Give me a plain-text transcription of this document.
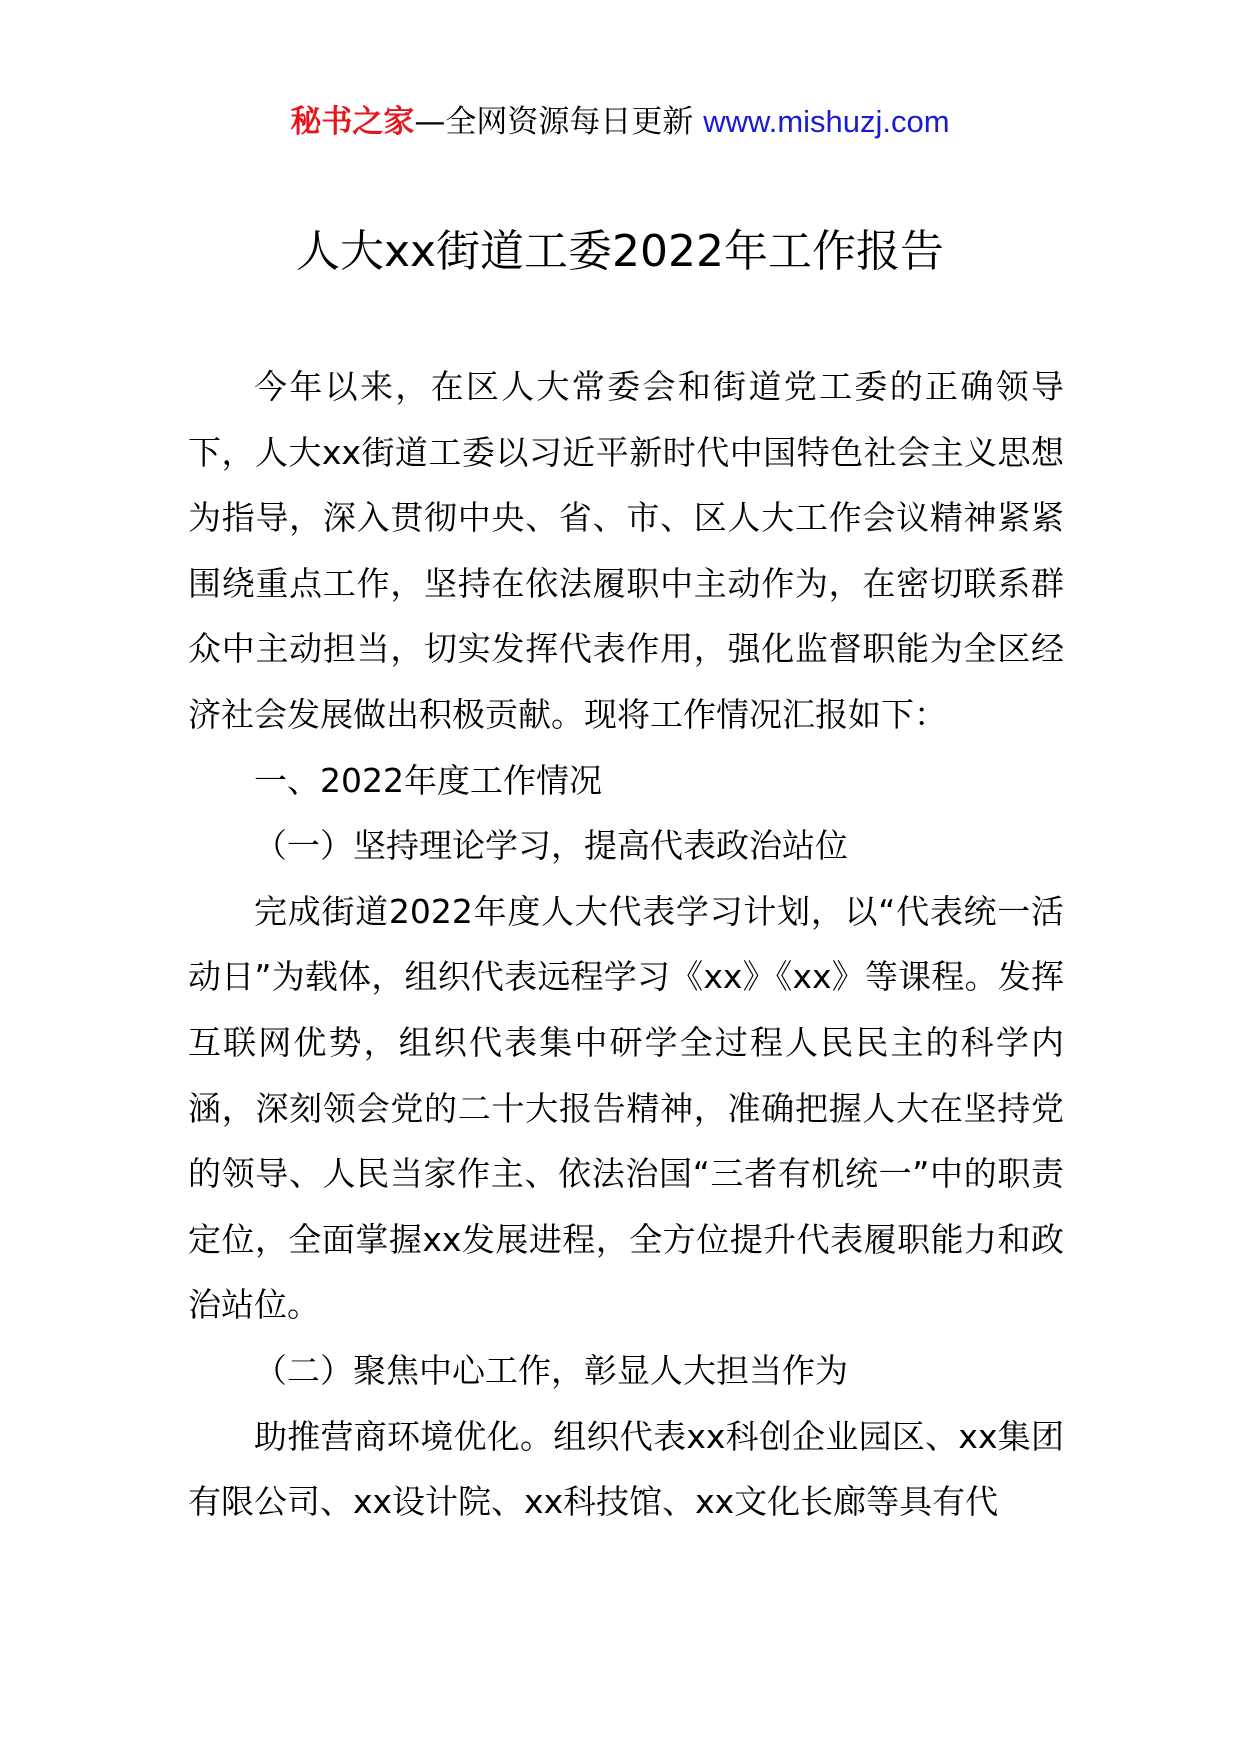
秘书之家—全网资源每日更新 www.mishuzj.com
人大xx街道工委2022年工作报告

今年以来，在区人大常委会和街道党工委的正确领导下，人大xx街道工委以习近平新时代中国特色社会主义思想为指导，深入贯彻中央、省、市、区人大工作会议精神紧紧围绕重点工作，坚持在依法履职中主动作为，在密切联系群众中主动担当，切实发挥代表作用，强化监督职能为全区经济社会发展做出积极贡献。现将工作情况汇报如下：

一、2022年度工作情况

（一）坚持理论学习，提高代表政治站位

完成街道2022年度人大代表学习计划，以“代表统一活动日”为载体，组织代表远程学习《xx》《xx》等课程。发挥互联网优势，组织代表集中研学全过程人民民主的科学内涵，深刻领会党的二十大报告精神，准确把握人大在坚持党的领导、人民当家作主、依法治国“三者有机统一”中的职责定位，全面掌握xx发展进程，全方位提升代表履职能力和政治站位。

（二）聚焦中心工作，彰显人大担当作为

助推营商环境优化。组织代表xx科创企业园区、xx集团有限公司、xx设计院、xx科技馆、xx文化长廊等具有代
